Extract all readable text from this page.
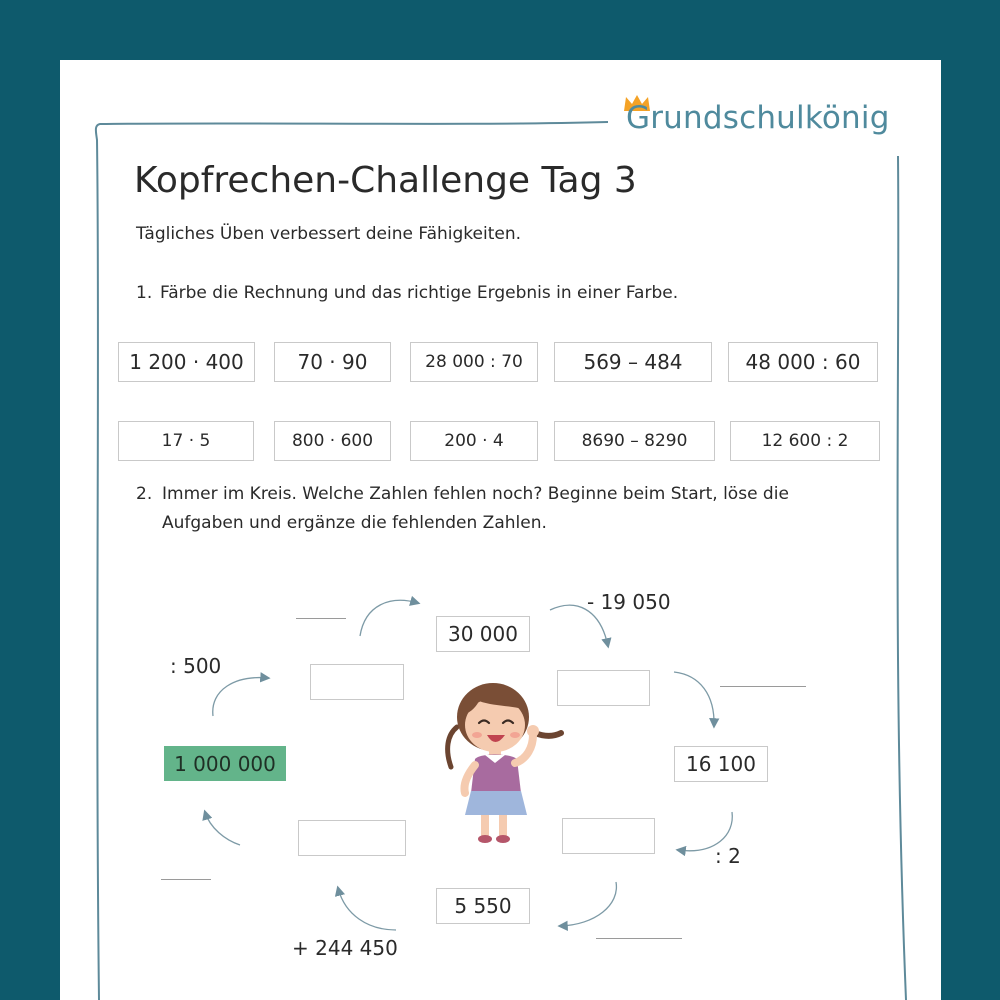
Grundschulkönig
Kopfrechen-Challenge Tag 3
Tägliches Üben verbessert deine Fähigkeiten.
1. Färbe die Rechnung und das richtige Ergebnis in einer Farbe.
1 200 · 400	70 · 90	28 000 : 70	569 – 484	48 000 : 60
17 · 5	800 · 600	200 · 4	8690 – 8290	12 600 : 2
2. Immer im Kreis. Welche Zahlen fehlen noch? Beginne beim Start, löse die
Aufgaben und ergänze die fehlenden Zahlen.
30 000
16 100
5 550
1 000 000
- 19 050
: 2
+ 244 450
: 500
